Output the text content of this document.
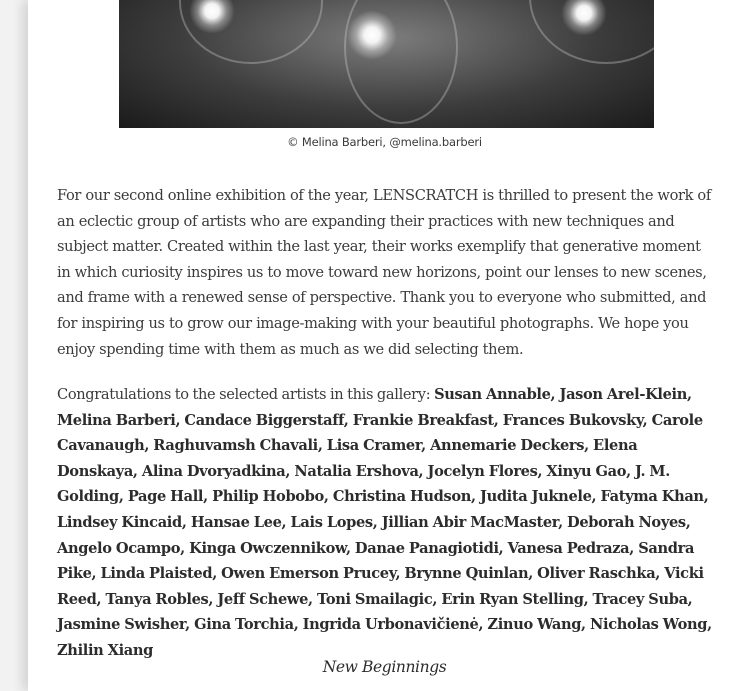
© Melina Barberi, @melina.barberi

For our second online exhibition of the year, LENSCRATCH is thrilled to present the work of an eclectic group of artists who are expanding their practices with new techniques and subject matter. Created within the last year, their works exemplify that generative moment in which curiosity inspires us to move toward new horizons, point our lenses to new scenes, and frame with a renewed sense of perspective. Thank you to everyone who submitted, and for inspiring us to grow our image-making with your beautiful photographs. We hope you enjoy spending time with them as much as we did selecting them.

Congratulations to the selected artists in this gallery: Susan Annable, Jason Arel-Klein, Melina Barberi, Candace Biggerstaff, Frankie Breakfast, Frances Bukovsky, Carole Cavanaugh, Raghuvamsh Chavali, Lisa Cramer, Annemarie Deckers, Elena Donskaya, Alina Dvoryadkina, Natalia Ershova, Jocelyn Flores, Xinyu Gao, J. M. Golding, Page Hall, Philip Hobobo, Christina Hudson, Judita Juknele, Fatyma Khan, Lindsey Kincaid, Hansae Lee, Lais Lopes, Jillian Abir MacMaster, Deborah Noyes, Angelo Ocampo, Kinga Owczennikow, Danae Panagiotidi, Vanesa Pedraza, Sandra Pike, Linda Plaisted, Owen Emerson Prucey, Brynne Quinlan, Oliver Raschka, Vicki Reed, Tanya Robles, Jeff Schewe, Toni Smailagic, Erin Ryan Stelling, Tracey Suba, Jasmine Swisher, Gina Torchia, Ingrida Urbonavičienė, Zinuo Wang, Nicholas Wong, Zhilin Xiang

New Beginnings
